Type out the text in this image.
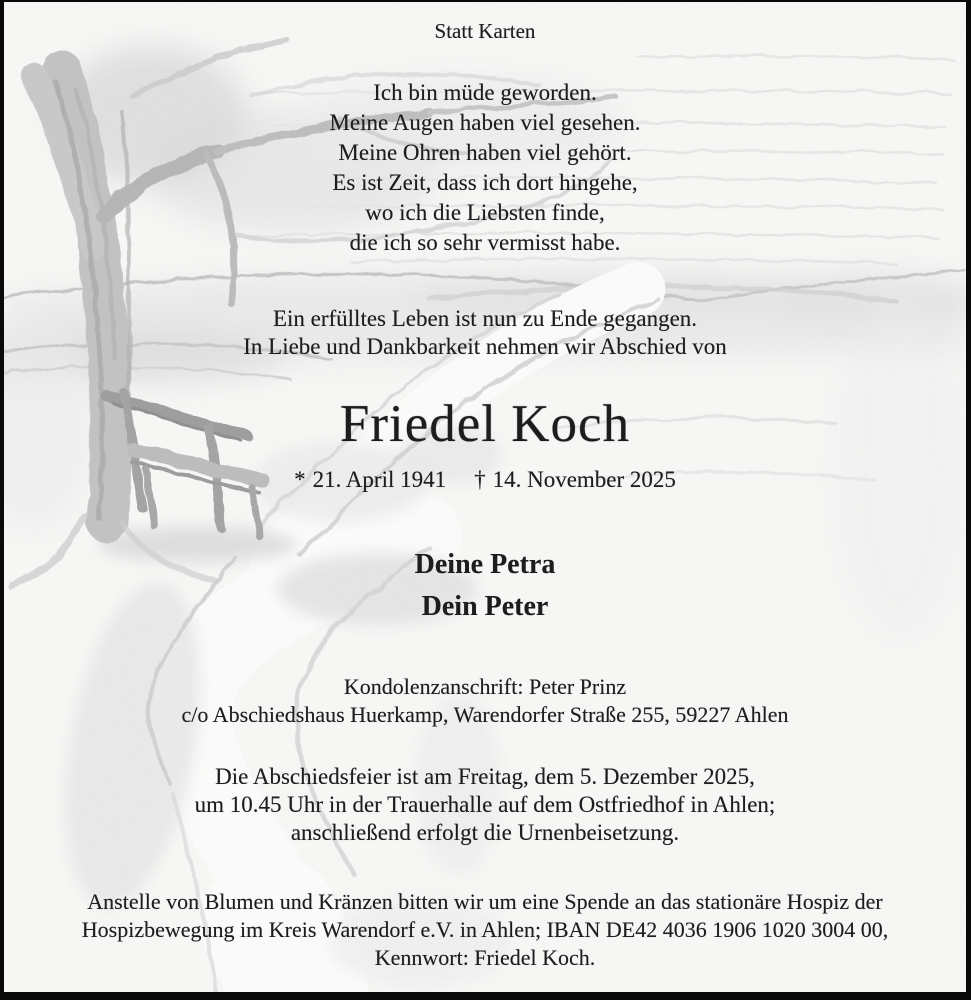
Statt Karten
Ich bin müde geworden.
Meine Augen haben viel gesehen.
Meine Ohren haben viel gehört.
Es ist Zeit, dass ich dort hingehe,
wo ich die Liebsten finde,
die ich so sehr vermisst habe.
Ein erfülltes Leben ist nun zu Ende gegangen.
In Liebe und Dankbarkeit nehmen wir Abschied von
Friedel Koch
* 21. April 1941 † 14. November 2025
Deine Petra
Dein Peter
Kondolenzanschrift: Peter Prinz
c/o Abschiedshaus Huerkamp, Warendorfer Straße 255, 59227 Ahlen
Die Abschiedsfeier ist am Freitag, dem 5. Dezember 2025,
um 10.45 Uhr in der Trauerhalle auf dem Ostfriedhof in Ahlen;
anschließend erfolgt die Urnenbeisetzung.
Anstelle von Blumen und Kränzen bitten wir um eine Spende an das stationäre Hospiz der
Hospizbewegung im Kreis Warendorf e.V. in Ahlen; IBAN DE42 4036 1906 1020 3004 00,
Kennwort: Friedel Koch.
